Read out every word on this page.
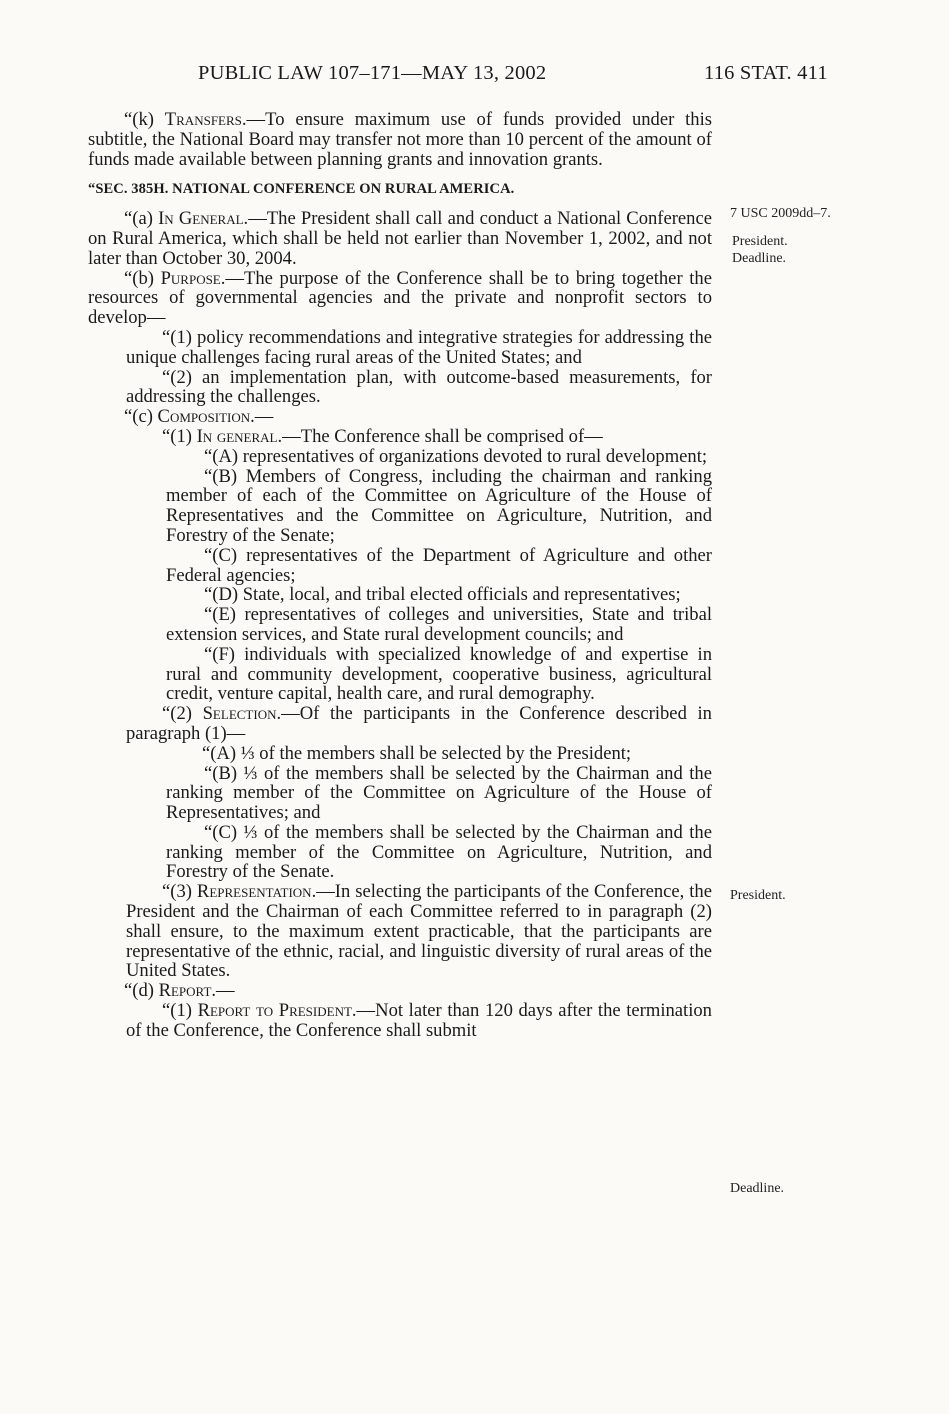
PUBLIC LAW 107–171—MAY 13, 2002	116 STAT. 411

“(k) Transfers.—To ensure maximum use of funds provided under this subtitle, the National Board may transfer not more than 10 percent of the amount of funds made available between planning grants and innovation grants.

“SEC. 385H. NATIONAL CONFERENCE ON RURAL AMERICA.

“(a) In General.—The President shall call and conduct a National Conference on Rural America, which shall be held not earlier than November 1, 2002, and not later than October 30, 2004.

“(b) Purpose.—The purpose of the Conference shall be to bring together the resources of governmental agencies and the private and nonprofit sectors to develop—

“(1) policy recommendations and integrative strategies for addressing the unique challenges facing rural areas of the United States; and

“(2) an implementation plan, with outcome-based measurements, for addressing the challenges.

“(c) Composition.—

“(1) In general.—The Conference shall be comprised of—

“(A) representatives of organizations devoted to rural development;

“(B) Members of Congress, including the chairman and ranking member of each of the Committee on Agriculture of the House of Representatives and the Committee on Agriculture, Nutrition, and Forestry of the Senate;

“(C) representatives of the Department of Agriculture and other Federal agencies;

“(D) State, local, and tribal elected officials and representatives;

“(E) representatives of colleges and universities, State and tribal extension services, and State rural development councils; and

“(F) individuals with specialized knowledge of and expertise in rural and community development, cooperative business, agricultural credit, venture capital, health care, and rural demography.

“(2) Selection.—Of the participants in the Conference described in paragraph (1)—

“(A) ⅓ of the members shall be selected by the President;

“(B) ⅓ of the members shall be selected by the Chairman and the ranking member of the Committee on Agriculture of the House of Representatives; and

“(C) ⅓ of the members shall be selected by the Chairman and the ranking member of the Committee on Agriculture, Nutrition, and Forestry of the Senate.

“(3) Representation.—In selecting the participants of the Conference, the President and the Chairman of each Committee referred to in paragraph (2) shall ensure, to the maximum extent practicable, that the participants are representative of the ethnic, racial, and linguistic diversity of rural areas of the United States.

“(d) Report.—

“(1) Report to President.—Not later than 120 days after the termination of the Conference, the Conference shall submit

7 USC 2009dd–7.
President.
Deadline.
President.
Deadline.
